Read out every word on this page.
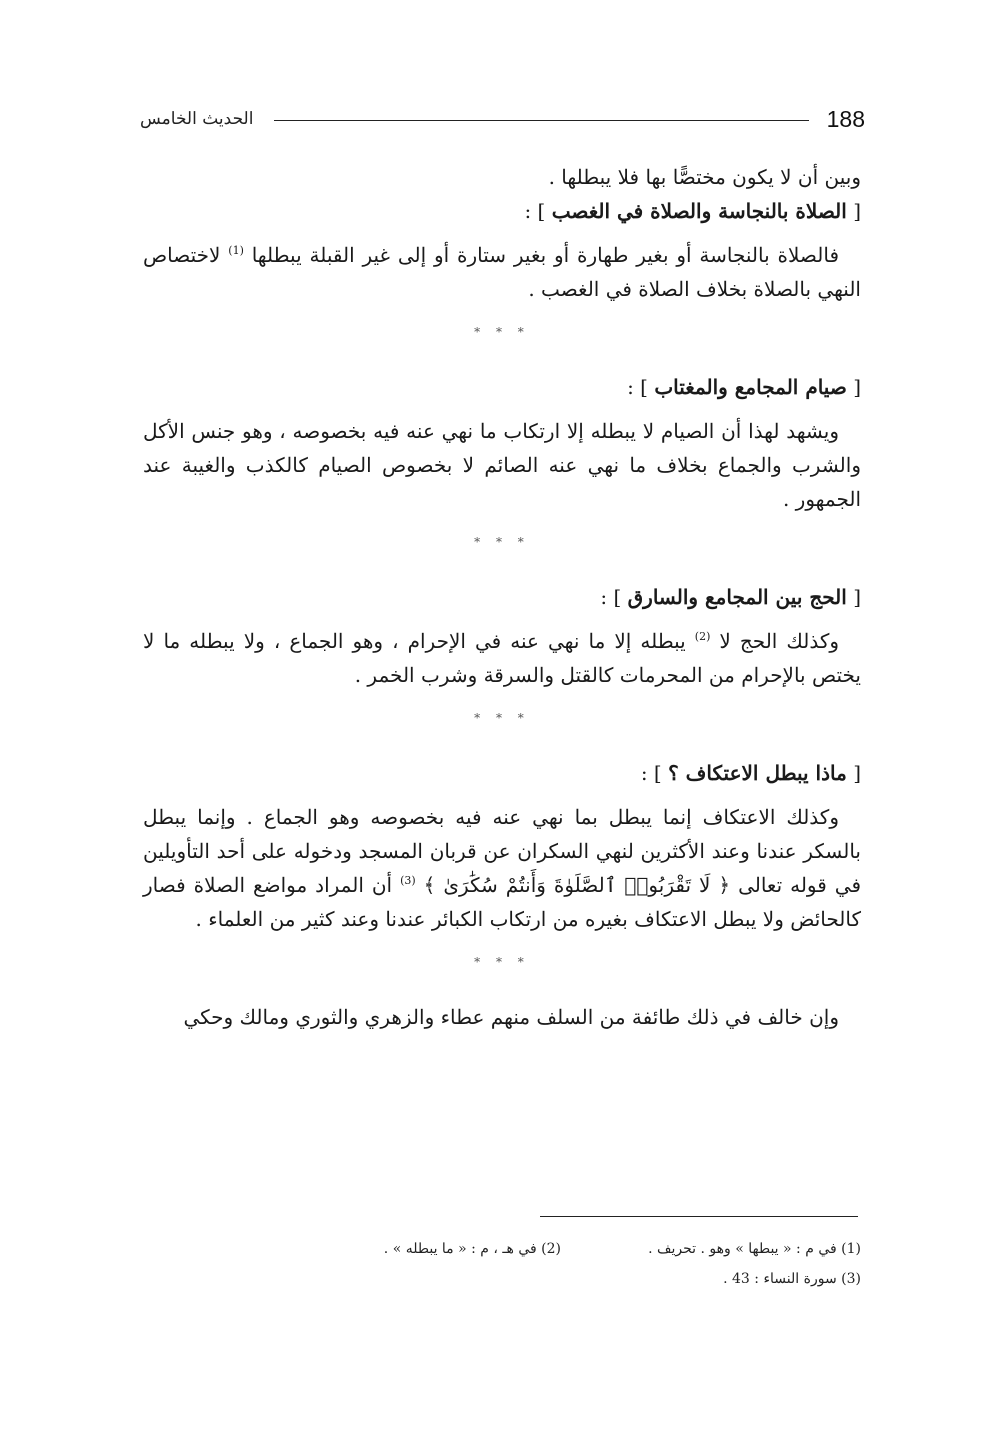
188
الحديث الخامس

وبين أن لا يكون مختصًّا بها فلا يبطلها .

[ الصلاة بالنجاسة والصلاة في الغصب ] :

فالصلاة بالنجاسة أو بغير طهارة أو بغير ستارة أو إلى غير القبلة يبطلها $^{(1)}$ لاختصاص النهي بالصلاة بخلاف الصلاة في الغصب .

* * *

[ صيام المجامع والمغتاب ] :

ويشهد لهذا أن الصيام لا يبطله إلا ارتكاب ما نهي عنه فيه بخصوصه ، وهو جنس الأكل والشرب والجماع بخلاف ما نهي عنه الصائم لا بخصوص الصيام كالكذب والغيبة عند الجمهور .

* * *

[ الحج بين المجامع والسارق ] :

وكذلك الحج لا $^{(2)}$ يبطله إلا ما نهي عنه في الإحرام ، وهو الجماع ، ولا يبطله ما لا يختص بالإحرام من المحرمات كالقتل والسرقة وشرب الخمر .

* * *

[ ماذا يبطل الاعتكاف ؟ ] :

وكذلك الاعتكاف إنما يبطل بما نهي عنه فيه بخصوصه وهو الجماع . وإنما يبطل بالسكر عندنا وعند الأكثرين لنهي السكران عن قربان المسجد ودخوله على أحد التأويلين في قوله تعالى ﴿ لَا تَقْرَبُوا۟ ٱلصَّلَوٰةَ وَأَنتُمْ سُكَٰرَىٰ ﴾ $^{(3)}$ أن المراد مواضع الصلاة فصار كالحائض ولا يبطل الاعتكاف بغيره من ارتكاب الكبائر عندنا وعند كثير من العلماء .

* * *

وإن خالف في ذلك طائفة من السلف منهم عطاء والزهري والثوري ومالك وحكي

(1) في م : « يبطها » وهو . تحريف .
(2) في هـ ، م : « ما يبطله » .
(3) سورة النساء : 43 .
